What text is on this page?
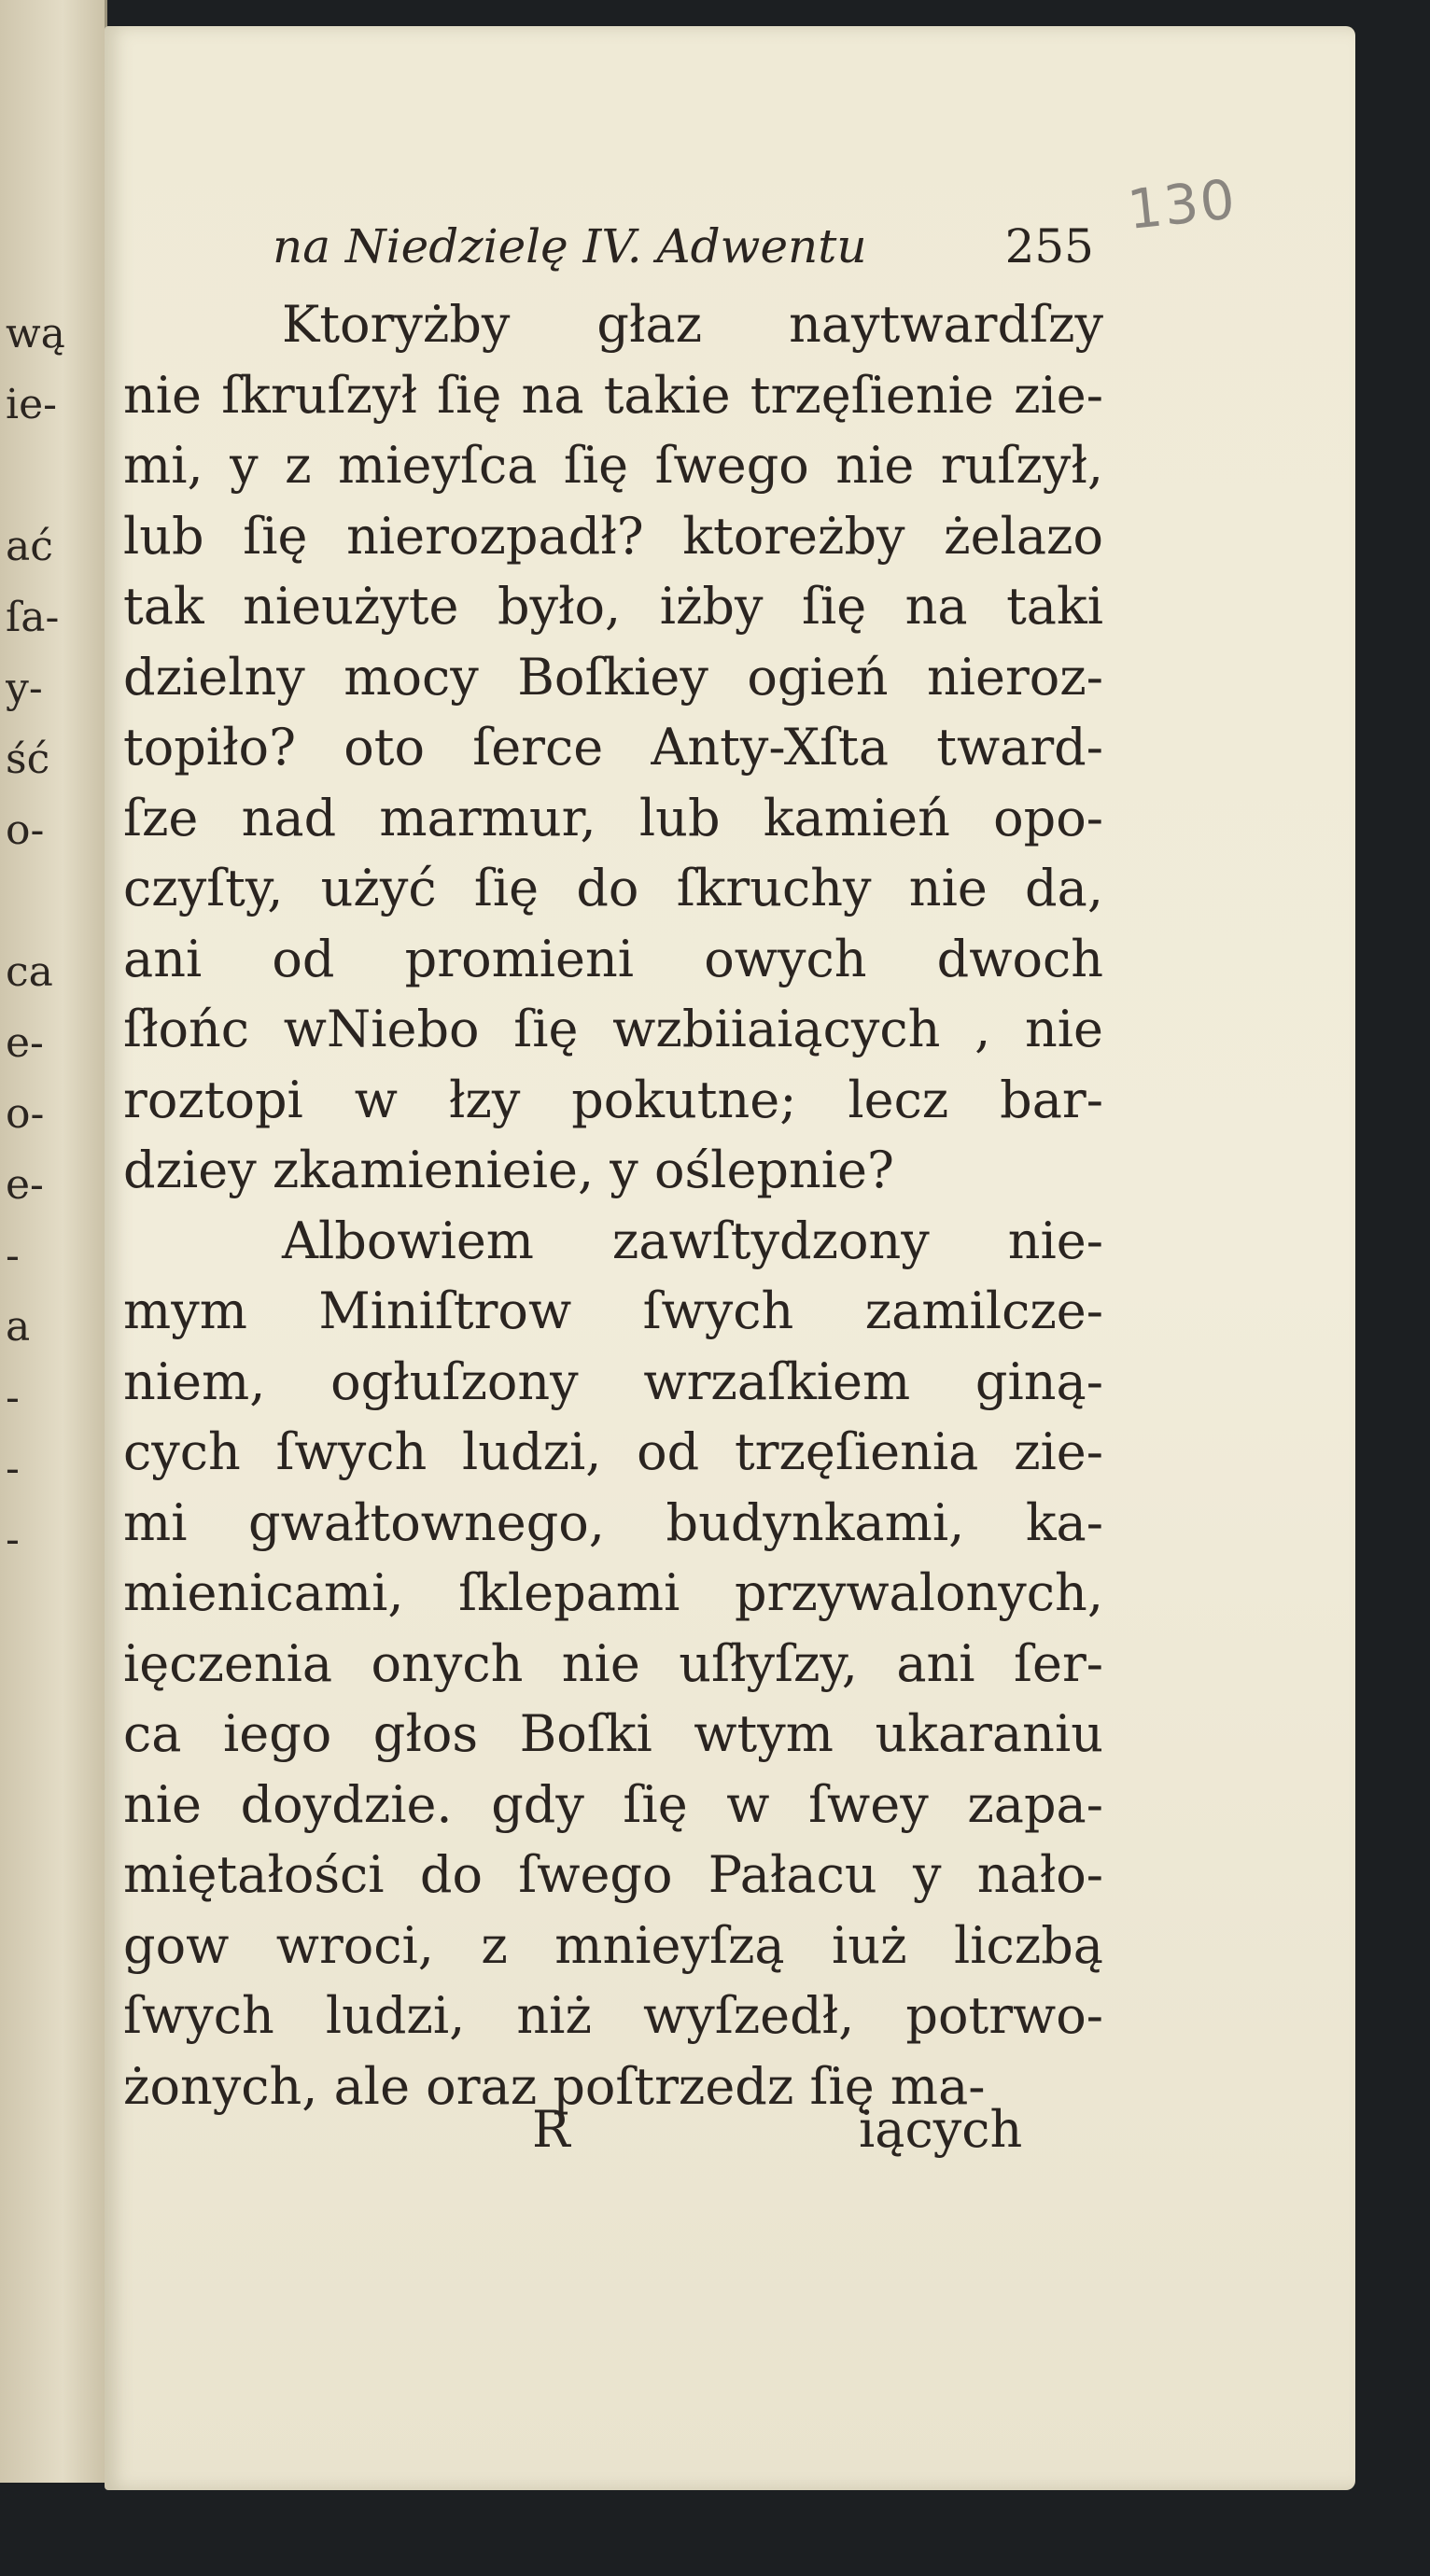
wą
ie-
ać
ſa-
y-
ść
o-
ca
e-
o-
e-
-
a
-
-
-
130
na Niedzielę IV. Adwentu	255
Ktoryżby głaz naytwardſzy
nie ſkruſzył ſię na takie trzęſienie zie-
mi, y z mieyſca ſię ſwego nie ruſzył,
lub ſię nierozpadł? ktoreżby żelazo
tak nieużyte było, iżby ſię na taki
dzielny mocy Boſkiey ogień nieroz-
topiło? oto ſerce Anty-Xſta tward-
ſze nad marmur, lub kamień opo-
czyſty, użyć ſię do ſkruchy nie da,
ani od promieni owych dwoch
ſłońc wNiebo ſię wzbiiaiących , nie
roztopi w łzy pokutne; lecz bar-
dziey zkamienieie, y oślepnie?
Albowiem zawſtydzony nie-
mym Miniſtrow ſwych zamilcze-
niem, ogłuſzony wrzaſkiem giną-
cych ſwych ludzi, od trzęſienia zie-
mi gwałtownego, budynkami, ka-
mienicami, ſklepami przywalonych,
ięczenia onych nie uſłyſzy, ani ſer-
ca iego głos Boſki wtym ukaraniu
nie doydzie. gdy ſię w ſwey zapa-
miętałości do ſwego Pałacu y nało-
gow wroci, z mnieyſzą iuż liczbą
ſwych ludzi, niż wyſzedł, potrwo-
żonych, ale oraz poſtrzedz ſię ma-
R	iących
